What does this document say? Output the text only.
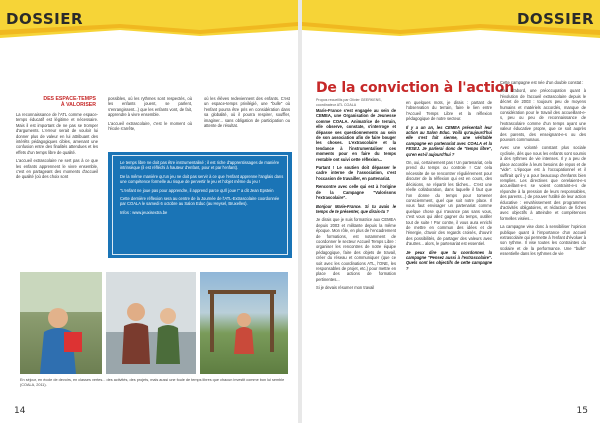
DOSSIER
DES ESPACE-TEMPS
À VALORISER

La reconnaissance de l'ATL comme espace-temps éducatif est légitime et nécessaire. Mais il est important de ne pas se tromper d'arguments. L'erreur serait de vouloir lui donner plus de valeur en lui attribuant des intérêts pédagogiques cibles, amenant une confusion entre des finalités attendues et les effets d'un temps libre de qualité.

L'accueil extrascolaire ne sert pas à ce que les enfants apprennent le vivre ensemble, c'est en partageant des moments d'accueil de qualité (où des choix sont

possibles, où les rythmes sont respectés, où les enfants jouent, se parlent, s'enrangissent...) que les enfants vont, de fait, apprendre à vivre ensemble.

L'accueil extrascolaire, c'est le moment où l'école s'arrête,

où les élèves redeviennent des enfants. C'est un espace-temps privilégié, une "bulle" où l'enfant pourra être pris en considération dans sa globalité, où il pourra respirer, souffler, imaginer... sans obligation de participation ou attente de résultat.

Le temps libre ne doit pas être instrumentalisé ; il est riche d'apprentissages de manière intrinsèque (il est réfléchi à hauteur d'enfant, pour et par l'enfant).

De la même manière qu'un jeu ne doit pas servir à ce que l'enfant apprenne l'anglais dans une compétence formelle au risque de pervertir le jeu et l'objet même du jeu !

"L'enfant ne joue pas pour apprendre, il apprend parce qu'il joue !" a dit Jean Epstein

Cette dernière réflexion sera au centre de la Journée de l'ATL-Extrascolaire coordonnée par COALA le samedi 6 octobre au Salon Educ (au Heysel, Bruxelles).

Infos : www.jeuxisextra.be

En séjour, en école de devoirs, en classes vertes... des activités, des projets, mais aussi une foule de temps libres que chacun investit comme bon lui semble (COALA, 2011).
14
DOSSIER
De la conviction à l'action
Propos recueillis par Olivier GEERKENS, coordinateur ATL COALA

Marie-France s'est engagée au sein de CEMEA, une Organisation de Jeunesse comme COALA. Animatrice de terrain, elle observe, constate, s'interroge et dépasse ses questionnements au sein de son association afin de faire bouger les choses. L'extrascolaire et la tendance à l'instrumentaliser ces moments pour en faire du temps rentable ont suivi cette réflexion...

Partant ! Le soutien doit dépasser le cadre interne de l'association, c'est l'occasion de travailler, en partenariat.

Rencontre avec celle qui est à l'origine de la Campagne "Valorisons l'extrascolaire".

Bonjour Marie-France. Si tu avais le temps de te présenter, que dirais-tu ?

Je dirais que je suis formatrice aux CEMEA depuis 2003 et militante depuis la même époque. Mon rôle, en plus de l'encadrement de formations, est notamment de coordonner le secteur Accueil Temps Libre : organiser les rencontres de notre équipe pédagogique, faire des objets de travail, créer du réseau et communiquer (que ce soit avec les coordinations ATL, l'ONE, les responsables de projet, etc.) pour mettre en place des actions de formation pertinentes...

Si je devais résumer mon travail

en quelques mots, je dirais : partant de l'observation du terrain, faire le lien entre l'Accueil Temps Libre et la réflexion pédagogique de notre secteur.

Il y a un an, les CEMEA présentait leur action au Salon Educ. Voilà qu'aujourd'hui elle s'est fait sienne, une véritable campagne en partenariat avec COALA et la FESEJ. Je parlerai donc de "temps libre", qu'en est-il aujourd'hui ?

On, oui, certainement pas ! Un partenariat, cela prend du temps ou controle ! Car cela nécessite de se rencontrer régulièrement pour discuter de la réflexion qui est en cours, des décisions, se répartir les tâches... C'est une réelle collaboration, dans laquelle il faut que l'on donne du temps pour tomener consciemment, quel que soit notre place. Il vous faut envisager un partenariat comme quelque chose qui n'avance pas sans vous, c'est vous qui allez gagner du temps, outiller tout de suite ! Par contre, il vous aura enrichi de mettre en commun des idées et de l'énergie, d'avoir des regards croisés, d'ouvrir des possibilités, de partager des valeurs avec d'autres... alors, le partenariat est essentiel.

Je peux dire que tu coordonnes la campagne "Pensez aussi à l'extrascolaire". Quels sont les objectifs de cette campagne ?

Cette campagne est née d'un double constat :

Tout d'abord, une préoccupation quant à l'évolution de l'accueil extrascolaire depuis le décret de 2003 : toujours peu de moyens humains et matériels accordés, manque de considération pour le travail des accueillant-e-s, peu ou peu de reconnaissance de l'extrascolaire comme d'un temps ayant une valeur éducative propre, que ce soit auprès des parents, des enseignant-e-s ou des pouvoirs communaux.

Avec une volonté constant plus sociale cyclisée, dès que nous les enfants sont soumis à des rythmes de vie intenses. Il y a peu de place accordée à leurs besoins de repos et de "vide". L'époque est à l'occupationnel et il suffirait qu'il y a pour beaucoup d'enfants bien remplies. Les directives que cerelaient-e-s accueillant-e-s se voient contraint-e-s de répondre à la pression de leurs responsables, des parents...) de prouver l'utilité de leur action éducative : envahissement des programmes d'activités obligatoires, et rédaction de fiches avec objectifs à atteindre et compétences formelles visées...

La campagne vise donc à sensibiliser l'opinion publique quant à l'importance d'un accueil extrascolaire qui permette à l'enfant d'évoluer à son rythme. Il vise toutes les contraintes du scolaire et de la performance. Une "bulle" essentielle dans les rythmes de vie

15
